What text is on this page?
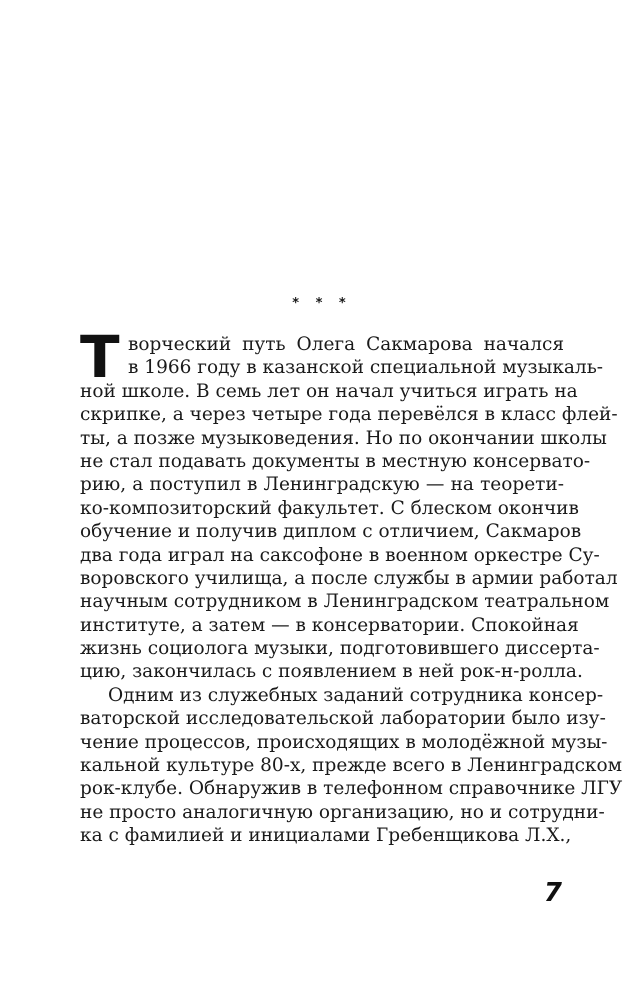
* * *
Т ворческий путь Олега Сакмарова начался
в 1966 году в казанской специальной музыкаль-
ной школе. В семь лет он начал учиться играть на
скрипке, а через четыре года перевёлся в класс флей-
ты, а позже музыковедения. Но по окончании школы
не стал подавать документы в местную консервато-
рию, а поступил в Ленинградскую — на теорети-
ко-композиторский факультет. С блеском окончив
обучение и получив диплом с отличием, Сакмаров
два года играл на саксофоне в военном оркестре Су-
воровского училища, а после службы в армии работал
научным сотрудником в Ленинградском театральном
институте, а затем — в консерватории. Спокойная
жизнь социолога музыки, подготовившего диссерта-
цию, закончилась с появлением в ней рок-н-ролла.
Одним из служебных заданий сотрудника консер-
ваторской исследовательской лаборатории было изу-
чение процессов, происходящих в молодёжной музы-
кальной культуре 80-х, прежде всего в Ленинградском
рок-клубе. Обнаружив в телефонном справочнике ЛГУ
не просто аналогичную организацию, но и сотрудни-
ка с фамилией и инициалами Гребенщикова Л.Х.,
7
